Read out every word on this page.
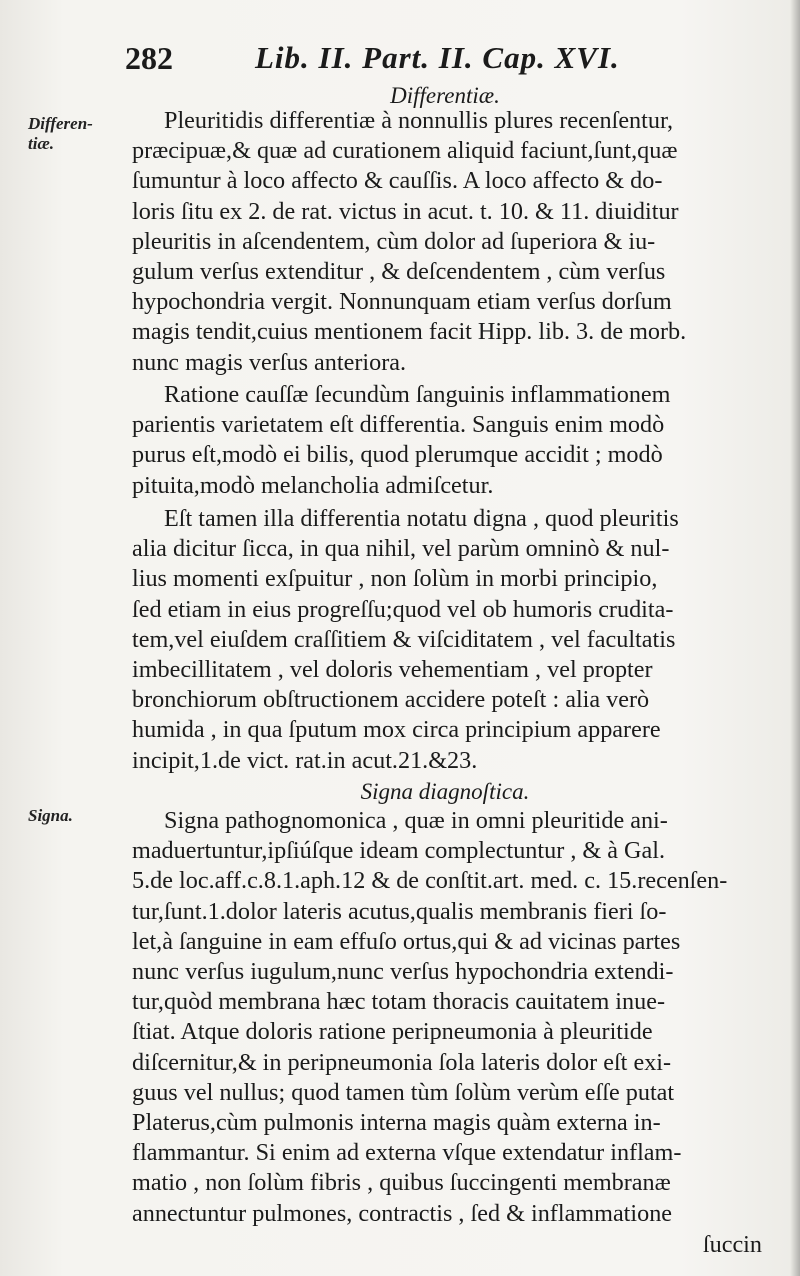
282	Lib. II. Part. II. Cap. XVI.
Differentiæ.
Differen-
tiæ.
Pleuritidis differentiæ à nonnullis plures recenſentur,
præcipuæ,& quæ ad curationem aliquid faciunt,ſunt,quæ
ſumuntur à loco affecto & cauſſis. A loco affecto & do-
loris ſitu ex 2. de rat. victus in acut. t. 10. & 11. diuiditur
pleuritis in aſcendentem, cùm dolor ad ſuperiora & iu-
gulum verſus extenditur , & deſcendentem , cùm verſus
hypochondria vergit. Nonnunquam etiam verſus dorſum
magis tendit,cuius mentionem facit Hipp. lib. 3. de morb.
nunc magis verſus anteriora.
Ratione cauſſæ ſecundùm ſanguinis inflammationem
parientis varietatem eſt differentia. Sanguis enim modò
purus eſt,modò ei bilis, quod plerumque accidit ; modò
pituita,modò melancholia admiſcetur.
Eſt tamen illa differentia notatu digna , quod pleuritis
alia dicitur ſicca, in qua nihil, vel parùm omninò & nul-
lius momenti exſpuitur , non ſolùm in morbi principio,
ſed etiam in eius progreſſu;quod vel ob humoris crudita-
tem,vel eiuſdem craſſitiem & viſciditatem , vel facultatis
imbecillitatem , vel doloris vehementiam , vel propter
bronchiorum obſtructionem accidere poteſt : alia verò
humida , in qua ſputum mox circa principium apparere
incipit,1.de vict. rat.in acut.21.&23.
Signa diagnoſtica.
Signa.	Signa pathognomonica , quæ in omni pleuritide ani-
maduertuntur,ipſiúſque ideam complectuntur , & à Gal.
5.de loc.aff.c.8.1.aph.12 & de conſtit.art. med. c. 15.recenſen-
tur,ſunt.1.dolor lateris acutus,qualis membranis fieri ſo-
let,à ſanguine in eam effuſo ortus,qui & ad vicinas partes
nunc verſus iugulum,nunc verſus hypochondria extendi-
tur,quòd membrana hæc totam thoracis cauitatem inue-
ſtiat. Atque doloris ratione peripneumonia à pleuritide
diſcernitur,& in peripneumonia ſola lateris dolor eſt exi-
guus vel nullus; quod tamen tùm ſolùm verùm eſſe putat
Platerus,cùm pulmonis interna magis quàm externa in-
flammantur. Si enim ad externa vſque extendatur inflam-
matio , non ſolùm fibris , quibus ſuccingenti membranæ
annectuntur pulmones, contractis , ſed & inflammatione
ſuccin
